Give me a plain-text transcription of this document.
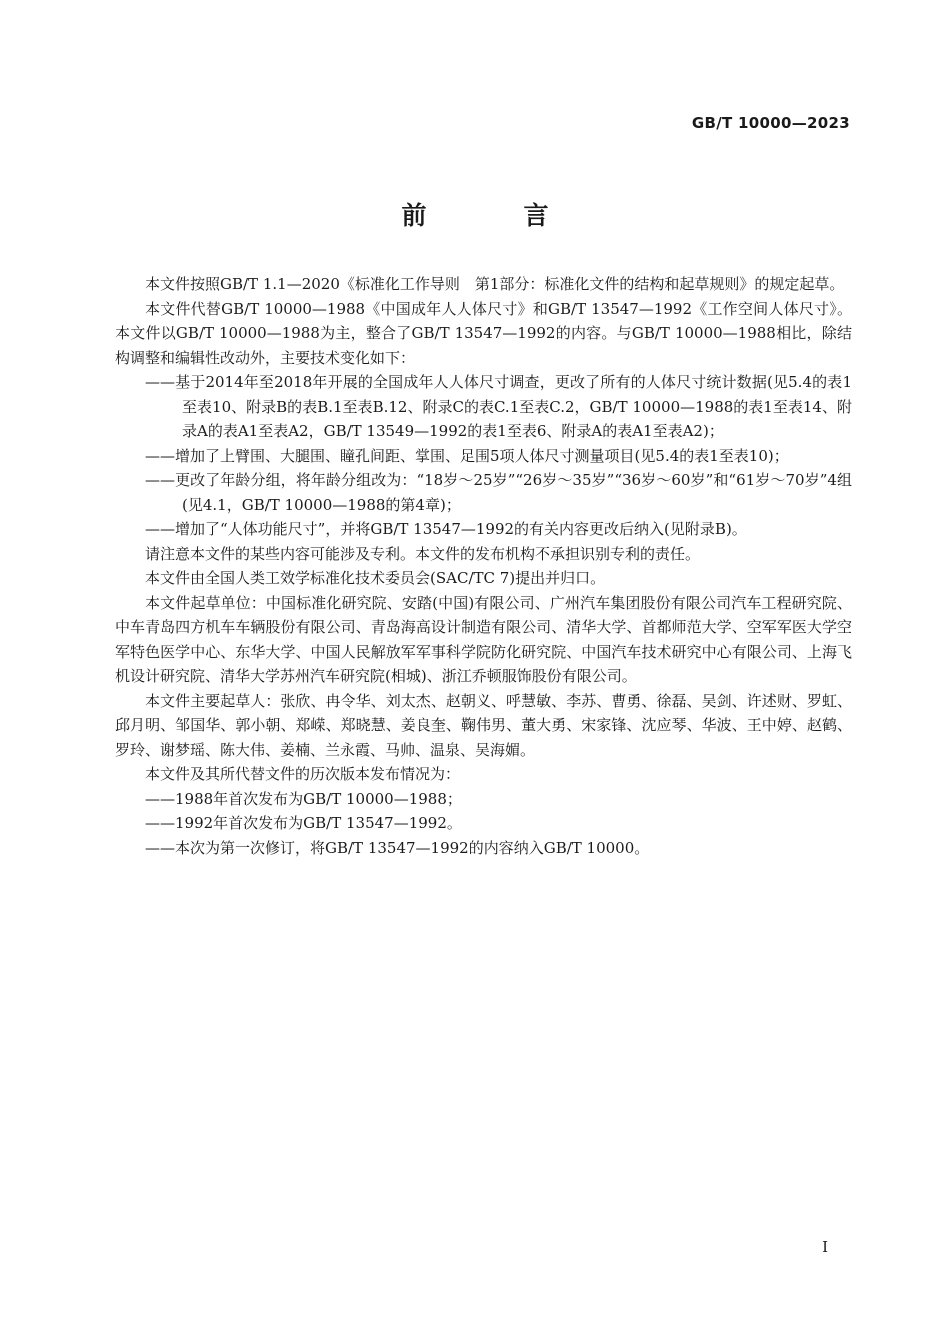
GB/T 10000—2023
前　言

本文件按照GB/T 1.1—2020《标准化工作导则　第1部分：标准化文件的结构和起草规则》的规定起草。

本文件代替GB/T 10000—1988《中国成年人人体尺寸》和GB/T 13547—1992《工作空间人体尺寸》。本文件以GB/T 10000—1988为主，整合了GB/T 13547—1992的内容。与GB/T 10000—1988相比，除结构调整和编辑性改动外，主要技术变化如下：

——基于2014年至2018年开展的全国成年人人体尺寸调查，更改了所有的人体尺寸统计数据(见5.4的表1至表10、附录B的表B.1至表B.12、附录C的表C.1至表C.2，GB/T 10000—1988的表1至表14、附录A的表A1至表A2，GB/T 13549—1992的表1至表6、附录A的表A1至表A2)；

——增加了上臂围、大腿围、瞳孔间距、掌围、足围5项人体尺寸测量项目(见5.4的表1至表10)；

——更改了年龄分组，将年龄分组改为：“18岁～25岁”“26岁～35岁”“36岁～60岁”和“61岁～70岁”4组(见4.1，GB/T 10000—1988的第4章)；

——增加了“人体功能尺寸”，并将GB/T 13547—1992的有关内容更改后纳入(见附录B)。

请注意本文件的某些内容可能涉及专利。本文件的发布机构不承担识别专利的责任。

本文件由全国人类工效学标准化技术委员会(SAC/TC 7)提出并归口。

本文件起草单位：中国标准化研究院、安踏(中国)有限公司、广州汽车集团股份有限公司汽车工程研究院、中车青岛四方机车车辆股份有限公司、青岛海高设计制造有限公司、清华大学、首都师范大学、空军军医大学空军特色医学中心、东华大学、中国人民解放军军事科学院防化研究院、中国汽车技术研究中心有限公司、上海飞机设计研究院、清华大学苏州汽车研究院(相城)、浙江乔顿服饰股份有限公司。

本文件主要起草人：张欣、冉令华、刘太杰、赵朝义、呼慧敏、李苏、曹勇、徐磊、吴剑、许述财、罗虹、邱月明、邹国华、郭小朝、郑嵘、郑晓慧、姜良奎、鞠伟男、董大勇、宋家锋、沈应琴、华波、王中婷、赵鹤、罗玲、谢梦瑶、陈大伟、姜楠、兰永霞、马帅、温泉、吴海媚。

本文件及其所代替文件的历次版本发布情况为：

——1988年首次发布为GB/T 10000—1988；

——1992年首次发布为GB/T 13547—1992。

——本次为第一次修订，将GB/T 13547—1992的内容纳入GB/T 10000。

I
